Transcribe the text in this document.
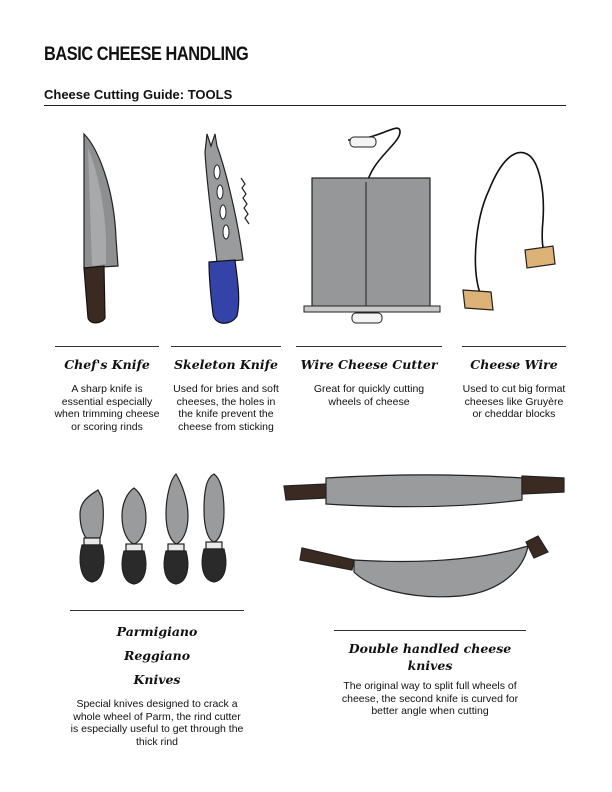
BASIC CHEESE HANDLING
Cheese Cutting Guide: TOOLS
Chef's Knife

A sharp knife is essential especially when trimming cheese or scoring rinds

Skeleton Knife

Used for bries and soft cheeses, the holes in the knife prevent the cheese from sticking

Wire Cheese Cutter

Great for quickly cutting wheels of cheese

Cheese Wire

Used to cut big format cheeses like Gruyère or cheddar blocks

Parmigiano Reggiano Knives

Special knives designed to crack a whole wheel of Parm, the rind cutter is especially useful to get through the thick rind

Double handled cheese knives

The original way to split full wheels of cheese, the second knife is curved for better angle when cutting
